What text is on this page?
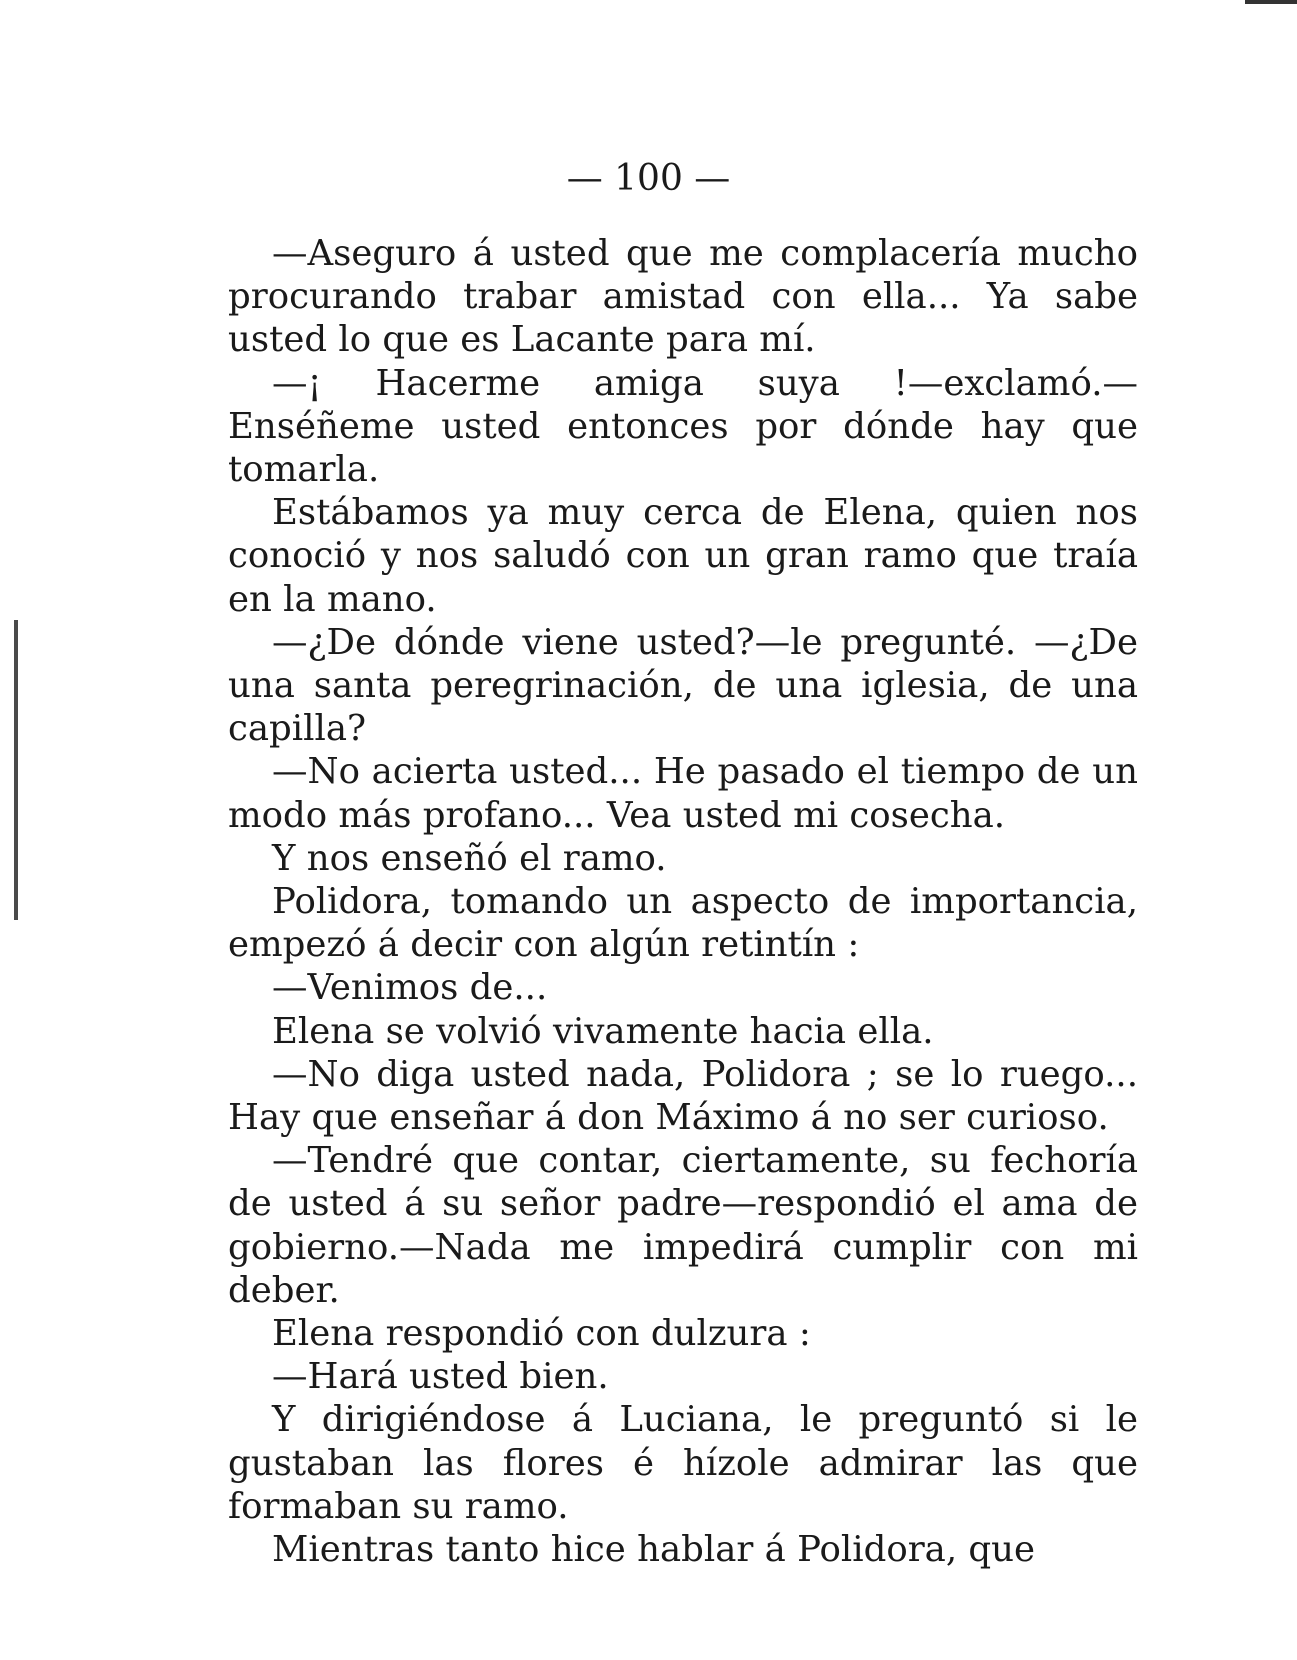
— 100 —

—Aseguro á usted que me complacería mucho procurando trabar amistad con ella... Ya sabe usted lo que es Lacante para mí.

—¡ Hacerme amiga suya !—exclamó.—Enséñeme usted entonces por dónde hay que tomarla.

Estábamos ya muy cerca de Elena, quien nos conoció y nos saludó con un gran ramo que traía en la mano.

—¿De dónde viene usted?—le pregunté. —¿De una santa peregrinación, de una iglesia, de una capilla?

—No acierta usted... He pasado el tiempo de un modo más profano... Vea usted mi cosecha.

Y nos enseñó el ramo.

Polidora, tomando un aspecto de importancia, empezó á decir con algún retintín :

—Venimos de...

Elena se volvió vivamente hacia ella.

—No diga usted nada, Polidora ; se lo ruego... Hay que enseñar á don Máximo á no ser curioso.

—Tendré que contar, ciertamente, su fechoría de usted á su señor padre—respondió el ama de gobierno.—Nada me impedirá cumplir con mi deber.

Elena respondió con dulzura :

—Hará usted bien.

Y dirigiéndose á Luciana, le preguntó si le gustaban las flores é hízole admirar las que formaban su ramo.

Mientras tanto hice hablar á Polidora, que
